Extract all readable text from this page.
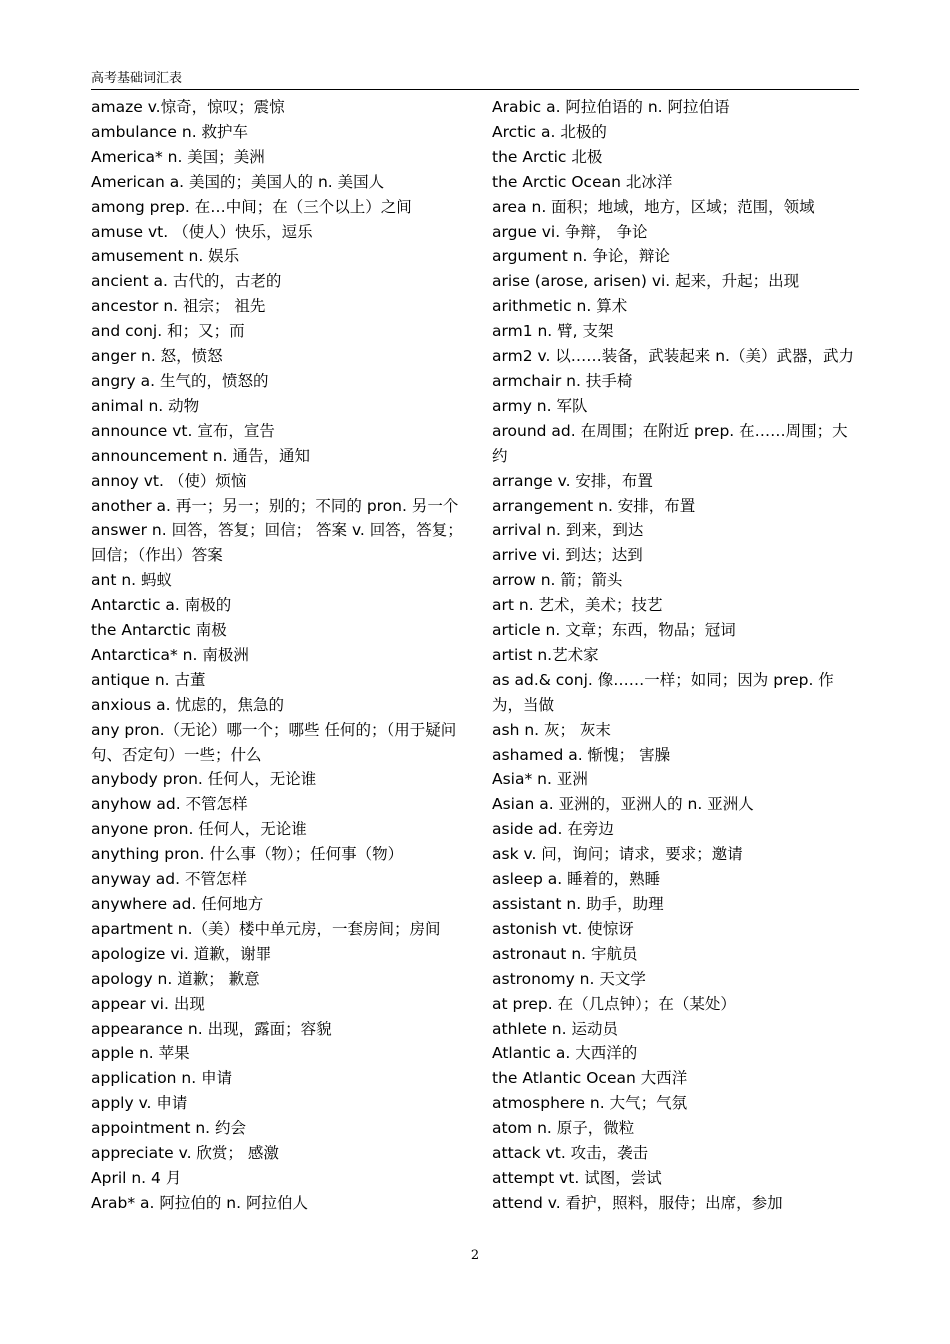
高考基础词汇表

amaze v.惊奇，惊叹；震惊

ambulance n. 救护车

America* n. 美国；美洲

American a. 美国的；美国人的 n. 美国人

among prep. 在…中间；在（三个以上）之间

amuse vt. （使人）快乐，逗乐

amusement n. 娱乐

ancient a. 古代的，古老的

ancestor n. 祖宗； 祖先

and conj. 和；又；而

anger n. 怒，愤怒

angry a. 生气的，愤怒的

animal n. 动物

announce vt. 宣布，宣告

announcement n. 通告，通知

annoy vt. （使）烦恼

another a. 再一；另一；别的；不同的 pron. 另一个

answer n. 回答，答复；回信； 答案 v. 回答，答复；回信；（作出）答案

ant n. 蚂蚁

Antarctic a. 南极的

the Antarctic 南极

Antarctica* n. 南极洲

antique n. 古董

anxious a. 忧虑的，焦急的

any pron.（无论）哪一个；哪些 任何的；（用于疑问句、否定句）一些；什么

anybody pron. 任何人，无论谁

anyhow ad. 不管怎样

anyone pron. 任何人，无论谁

anything pron. 什么事（物）；任何事（物）

anyway ad. 不管怎样

anywhere ad. 任何地方

apartment n.（美）楼中单元房，一套房间；房间

apologize vi. 道歉，谢罪

apology n. 道歉； 歉意

appear vi. 出现

appearance n. 出现，露面；容貌

apple n. 苹果

application n. 申请

apply v. 申请

appointment n. 约会

appreciate v. 欣赏； 感激

April n. 4 月

Arab* a. 阿拉伯的 n. 阿拉伯人

Arabic a. 阿拉伯语的 n. 阿拉伯语

Arctic a. 北极的

the Arctic 北极

the Arctic Ocean 北冰洋

area n. 面积；地域，地方，区域；范围，领域

argue vi. 争辩， 争论

argument n. 争论，辩论

arise (arose, arisen) vi. 起来，升起；出现

arithmetic n. 算术

arm1 n. 臂, 支架

arm2 v. 以……装备，武装起来 n.（美）武器，武力

armchair n. 扶手椅

army n. 军队

around ad. 在周围；在附近 prep. 在……周围；大约

arrange v. 安排，布置

arrangement n. 安排，布置

arrival n. 到来，到达

arrive vi. 到达；达到

arrow n. 箭；箭头

art n. 艺术，美术；技艺

article n. 文章；东西，物品；冠词

artist n.艺术家

as ad.& conj. 像……一样；如同；因为 prep. 作为，当做

ash n. 灰； 灰末

ashamed a. 惭愧； 害臊

Asia* n. 亚洲

Asian a. 亚洲的，亚洲人的 n. 亚洲人

aside ad. 在旁边

ask v. 问，询问；请求，要求；邀请

asleep a. 睡着的，熟睡

assistant n. 助手，助理

astonish vt. 使惊讶

astronaut n. 宇航员

astronomy n. 天文学

at prep. 在（几点钟）；在（某处）

athlete n. 运动员

Atlantic a. 大西洋的

the Atlantic Ocean 大西洋

atmosphere n. 大气；气氛

atom n. 原子，微粒

attack vt. 攻击，袭击

attempt vt. 试图，尝试

attend v. 看护，照料，服侍；出席，参加

2
